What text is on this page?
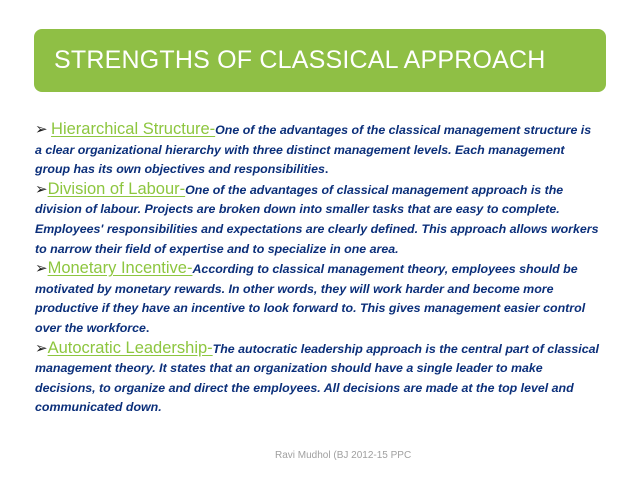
STRENGTHS OF CLASSICAL APPROACH

➢ Hierarchical Structure-One of the advantages of the classical management structure is a clear organizational hierarchy with three distinct management levels. Each management group has its own objectives and responsibilities.

➢Division of Labour-One of the advantages of classical management approach is the division of labour. Projects are broken down into smaller tasks that are easy to complete. Employees' responsibilities and expectations are clearly defined. This approach allows workers to narrow their field of expertise and to specialize in one area.

➢Monetary Incentive-According to classical management theory, employees should be motivated by monetary rewards. In other words, they will work harder and become more productive if they have an incentive to look forward to. This gives management easier control over the workforce.

➢Autocratic Leadership-The autocratic leadership approach is the central part of classical management theory. It states that an organization should have a single leader to make decisions, to organize and direct the employees. All decisions are made at the top level and communicated down.

Ravi Mudhol (BJ 2012-15 PPC
